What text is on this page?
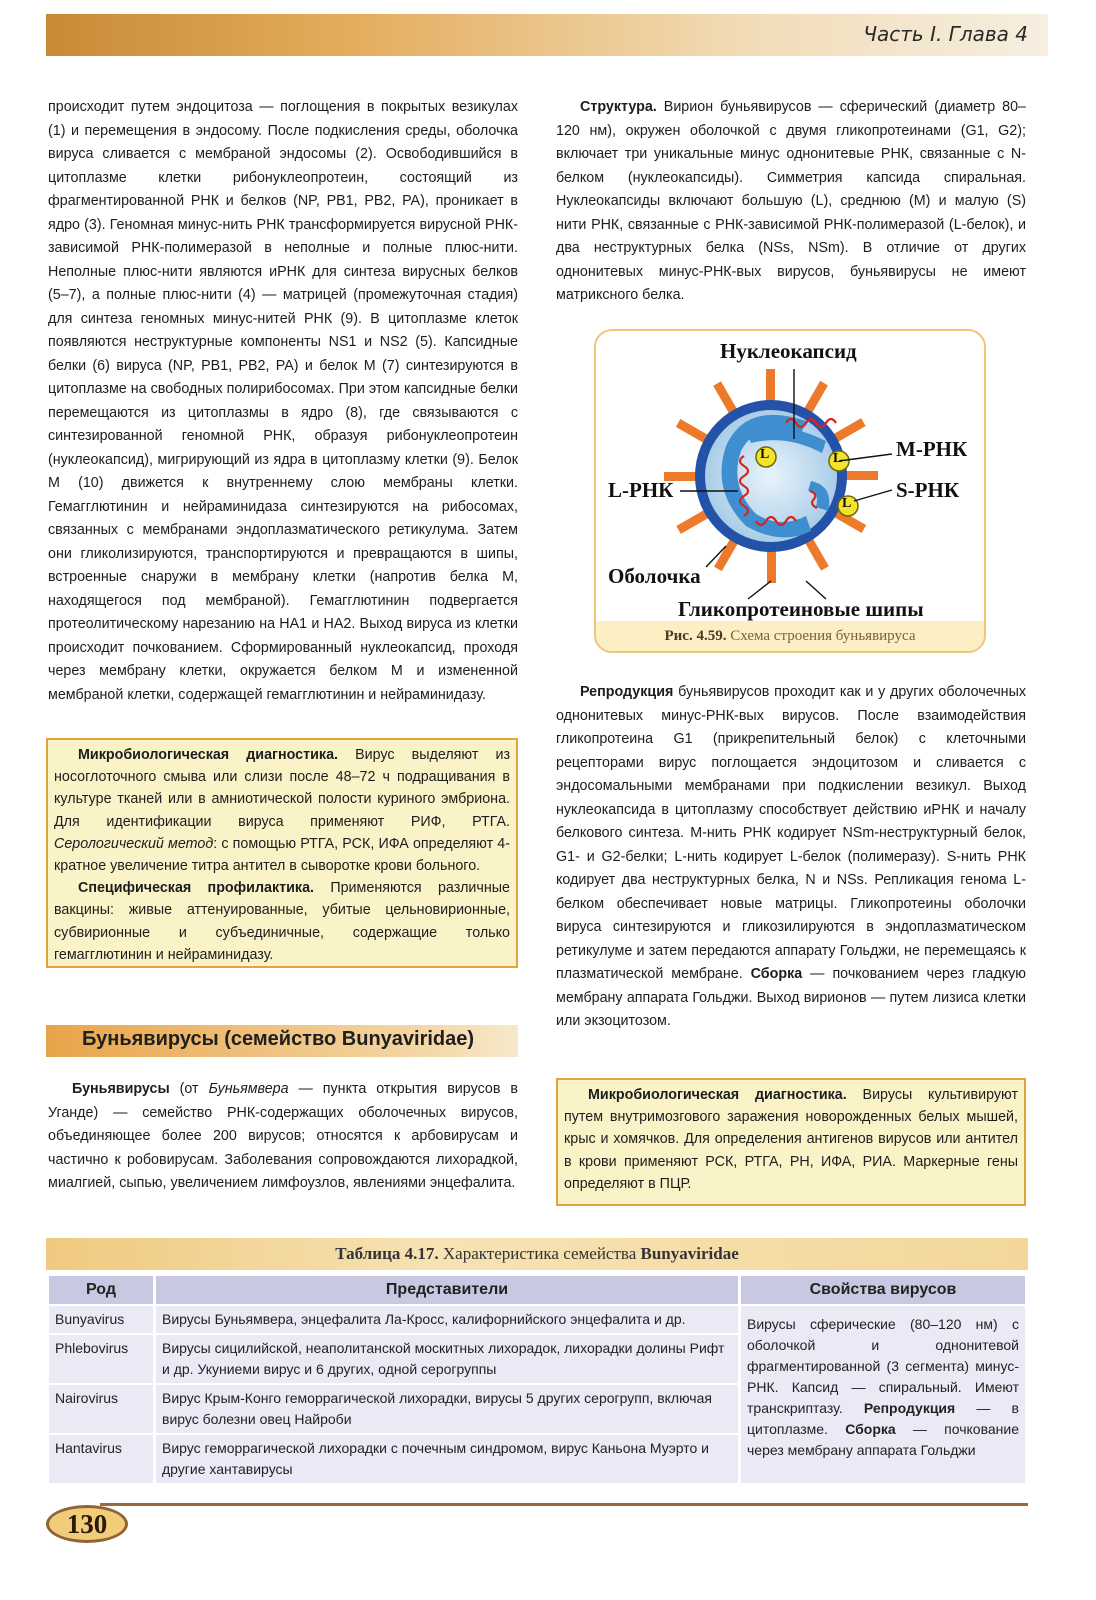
Часть I. Глава 4

происходит путем эндоцитоза — поглощения в покрытых везикулах (1) и перемещения в эндосому. После подкисления среды, оболочка вируса сливается с мембраной эндосомы (2). Освободившийся в цитоплазме клетки рибонуклеопротеин, состоящий из фрагментированной РНК и белков (NP, PB1, PB2, PA), проникает в ядро (3). Геномная минус-нить РНК трансформируется вирусной РНК-зависимой РНК-полимеразой в неполные и полные плюс-нити. Неполные плюс-нити являются иРНК для синтеза вирусных белков (5–7), а полные плюс-нити (4) — матрицей (промежуточная стадия) для синтеза геномных минус-нитей РНК (9). В цитоплазме клеток появляются неструктурные компоненты NS1 и NS2 (5). Капсидные белки (6) вируса (NP, PB1, PB2, PA) и белок М (7) синтезируются в цитоплазме на свободных полирибосомах. При этом капсидные белки перемещаются из цитоплазмы в ядро (8), где связываются с синтезированной геномной РНК, образуя рибонуклеопротеин (нуклеокапсид), мигрирующий из ядра в цитоплазму клетки (9). Белок М (10) движется к внутреннему слою мембраны клетки. Гемагглютинин и нейраминидаза синтезируются на рибосомах, связанных с мембранами эндоплазматического ретикулума. Затем они гликолизируются, транспортируются и превращаются в шипы, встроенные снаружи в мембрану клетки (напротив белка М, находящегося под мембраной). Гемагглютинин подвергается протеолитическому нарезанию на HA1 и HA2. Выход вируса из клетки происходит почкованием. Сформированный нуклеокапсид, проходя через мембрану клетки, окружается белком М и измененной мембраной клетки, содержащей гемагглютинин и нейраминидазу.

Микробиологическая диагностика. Вирус выделяют из носоглоточного смыва или слизи после 48–72 ч подращивания в культуре тканей или в амниотической полости куриного эмбриона. Для идентификации вируса применяют РИФ, РТГА. Серологический метод: с помощью РТГА, РСК, ИФА определяют 4-кратное увеличение титра антител в сыворотке крови больного.

Специфическая профилактика. Применяются различные вакцины: живые аттенуированные, убитые цельновирионные, субвирионные и субъединичные, содержащие только гемагглютинин и нейраминидазу.

Буньявирусы (семейство Bunyaviridae)

Буньявирусы (от Буньямвера — пункта открытия вирусов в Уганде) — семейство РНК-содержащих оболочечных вирусов, объединяющее более 200 вирусов; относятся к арбовирусам и частично к робовирусам. Заболевания сопровождаются лихорадкой, миалгией, сыпью, увеличением лимфоузлов, явлениями энцефалита.

Структура. Вирион буньявирусов — сферический (диаметр 80–120 нм), окружен оболочкой с двумя гликопротеинами (G1, G2); включает три уникальные минус однонитевые РНК, связанные с N-белком (нуклеокапсиды). Симметрия капсида спиральная. Нуклеокапсиды включают большую (L), среднюю (M) и малую (S) нити РНК, связанные с РНК-зависимой РНК-полимеразой (L-белок), и два неструктурных белка (NSs, NSm). В отличие от других однонитевых минус-РНК-вых вирусов, буньявирусы не имеют матриксного белка.

Нуклеокапсид
М-РНК
L-РНК	S-РНК
Оболочка
Гликопротеиновые шипы
L	L
L
Рис. 4.59. Схема строения буньявируса

Репродукция буньявирусов проходит как и у других оболочечных однонитевых минус-РНК-вых вирусов. После взаимодействия гликопротеина G1 (прикрепительный белок) с клеточными рецепторами вирус поглощается эндоцитозом и сливается с эндосомальными мембранами при подкислении везикул. Выход нуклеокапсида в цитоплазму способствует действию иРНК и началу белкового синтеза. М-нить РНК кодирует NSm-неструктурный белок, G1- и G2-белки; L-нить кодирует L-белок (полимеразу). S-нить РНК кодирует два неструктурных белка, N и NSs. Репликация генома L-белком обеспечивает новые матрицы. Гликопротеины оболочки вируса синтезируются и гликозилируются в эндоплазматическом ретикулуме и затем передаются аппарату Гольджи, не перемещаясь к плазматической мембране. Сборка — почкованием через гладкую мембрану аппарата Гольджи. Выход вирионов — путем лизиса клетки или экзоцитозом.

Микробиологическая диагностика. Вирусы культивируют путем внутримозгового заражения новорожденных белых мышей, крыс и хомячков. Для определения антигенов вирусов или антител в крови применяют РСК, РТГА, РН, ИФА, РИА. Маркерные гены определяют в ПЦР.

Таблица 4.17. Характеристика семейства Bunyaviridae
Род	Представители	Свойства вирусов
Bunyavirus	Вирусы Буньямвера, энцефалита Ла-Кросс, калифорнийского энцефалита и др.	Вирусы сферические (80–120 нм) с оболочкой и однонитевой фрагментированной (3 сегмента) минус-РНК. Капсид — спиральный. Имеют транскриптазу. Репродукция — в цитоплазме. Сборка — почкование через мембрану аппарата Гольджи
Phlebovirus	Вирусы сицилийской, неаполитанской москитных лихорадок, лихорадки долины Рифт и др. Укуниеми вирус и 6 других, одной серогруппы	
Nairovirus	Вирус Крым-Конго геморрагической лихорадки, вирусы 5 других серогрупп, включая вирус болезни овец Найроби	
Hantavirus	Вирус геморрагической лихорадки с почечным синдромом, вирус Каньона Муэрто и другие хантавирусы	
130
